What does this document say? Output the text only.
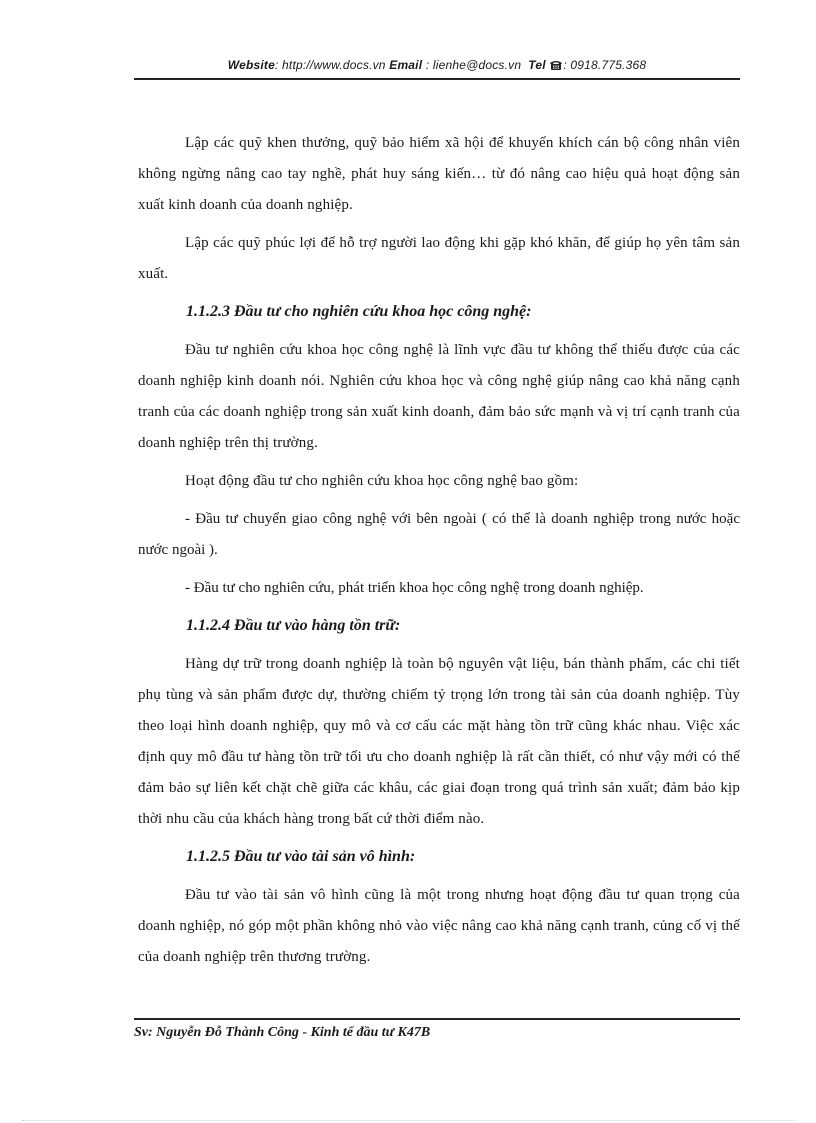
Website: http://www.docs.vn Email : lienhe@docs.vn Tel : 0918.775.368

Lập các quỹ khen thưởng, quỹ bảo hiểm xã hội để khuyến khích cán bộ công nhân viên không ngừng nâng cao tay nghề, phát huy sáng kiến… từ đó nâng cao hiệu quả hoạt động sản xuất kinh doanh của doanh nghiệp.

Lập các quỹ phúc lợi để hỗ trợ người lao động khi gặp khó khăn, để giúp họ yên tâm sản xuất.

1.1.2.3 Đầu tư cho nghiên cứu khoa học công nghệ:

Đầu tư nghiên cứu khoa học công nghệ là lĩnh vực đầu tư không thể thiếu được của các doanh nghiệp kinh doanh nói. Nghiên cứu khoa học và công nghệ giúp nâng cao khả năng cạnh tranh của các doanh nghiệp trong sản xuất kinh doanh, đảm bảo sức mạnh và vị trí cạnh tranh của doanh nghiệp trên thị trường.

Hoạt động đầu tư cho nghiên cứu khoa học công nghệ bao gồm:

- Đầu tư chuyển giao công nghệ với bên ngoài ( có thể là doanh nghiệp trong nước hoặc nước ngoài ).

- Đầu tư cho nghiên cứu, phát triển khoa học công nghệ trong doanh nghiệp.

1.1.2.4 Đầu tư vào hàng tồn trữ:

Hàng dự trữ trong doanh nghiệp là toàn bộ nguyên vật liệu, bán thành phẩm, các chi tiết phụ tùng và sản phẩm được dự, thường chiếm tỷ trọng lớn trong tài sản của doanh nghiệp. Tùy theo loại hình doanh nghiệp, quy mô và cơ cấu các mặt hàng tồn trữ cũng khác nhau. Việc xác định quy mô đầu tư hàng tồn trữ tối ưu cho doanh nghiệp là rất cần thiết, có như vậy mới có thể đảm bảo sự liên kết chặt chẽ giữa các khâu, các giai đoạn trong quá trình sản xuất; đảm bảo kịp thời nhu cầu của khách hàng trong bất cứ thời điểm nào.

1.1.2.5 Đầu tư vào tài sản vô hình:

Đầu tư vào tài sản vô hình cũng là một trong nhưng hoạt động đầu tư quan trọng của doanh nghiệp, nó góp một phần không nhỏ vào việc nâng cao khả năng cạnh tranh, củng cố vị thế của doanh nghiệp trên thương trường.

Sv: Nguyễn Đỗ Thành Công - Kinh tế đầu tư K47B
